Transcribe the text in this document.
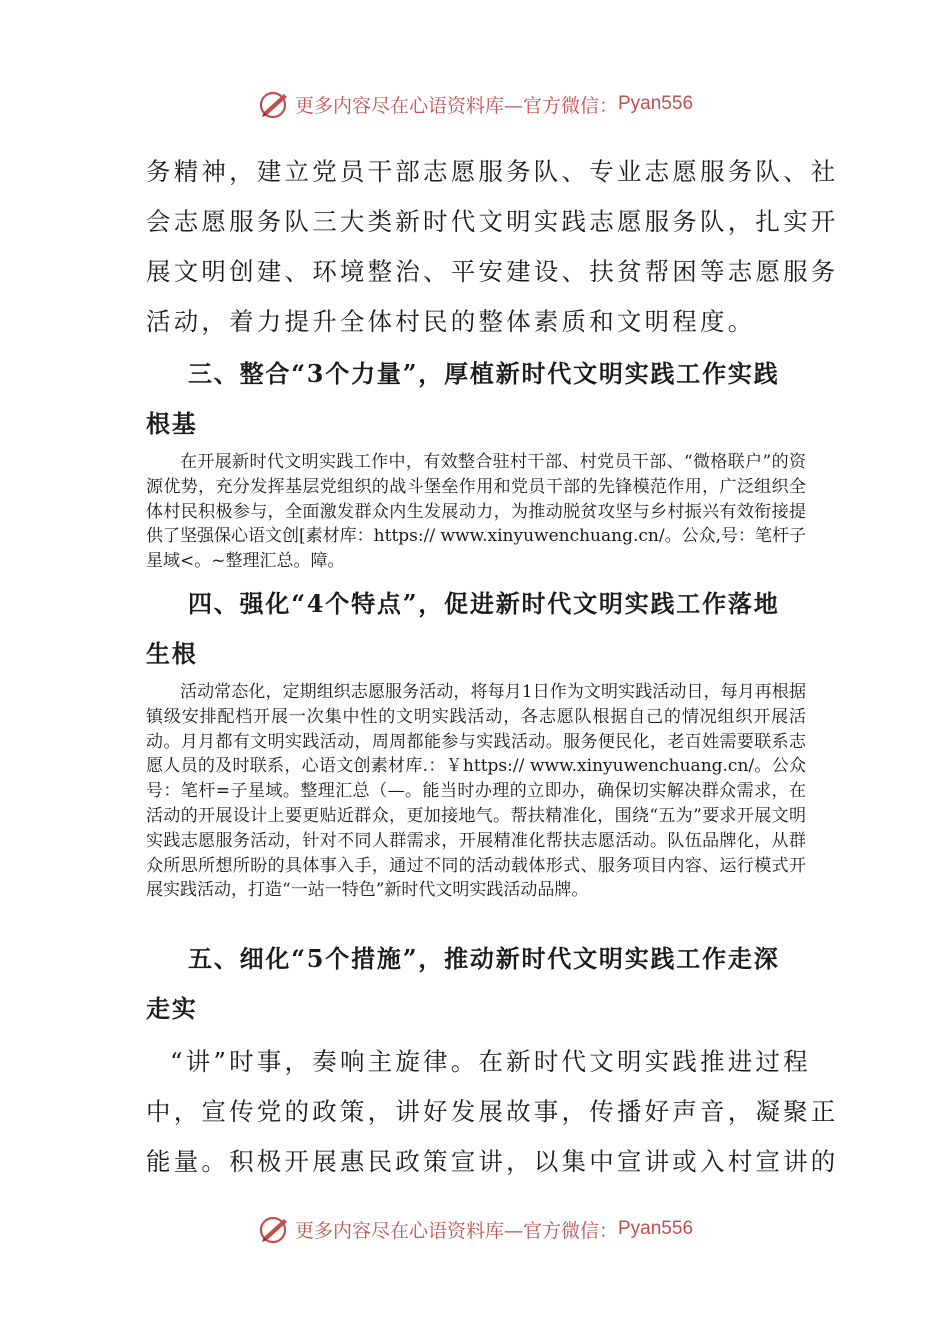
更多内容尽在心语资料库—官方微信： Pyan556
务精神，建立党员干部志愿服务队、专业志愿服务队、社
会志愿服务队三大类新时代文明实践志愿服务队，扎实开
展文明创建、环境整治、平安建设、扶贫帮困等志愿服务
活动，着力提升全体村民的整体素质和文明程度。
三、整合“3个力量”，厚植新时代文明实践工作实践
根基

在开展新时代文明实践工作中，有效整合驻村干部、村党员干部、“微格联户”的资源优势，充分发挥基层党组织的战斗堡垒作用和党员干部的先锋模范作用，广泛组织全体村民积极参与，全面激发群众内生发展动力，为推动脱贫攻坚与乡村振兴有效衔接提供了坚强保心语文创[素材库：https:// www.xinyuwenchuang.cn/。公众,号：笔杆子星域<。~整理汇总。障。

四、强化“4个特点”，促进新时代文明实践工作落地
生根

活动常态化，定期组织志愿服务活动，将每月1日作为文明实践活动日，每月再根据镇级安排配档开展一次集中性的文明实践活动，各志愿队根据自己的情况组织开展活动。月月都有文明实践活动，周周都能参与实践活动。服务便民化，老百姓需要联系志愿人员的及时联系，心语文创素材库.：￥https:// www.xinyuwenchuang.cn/。公众号：笔杆=子星域。整理汇总（—。能当时办理的立即办，确保切实解决群众需求，在活动的开展设计上要更贴近群众，更加接地气。帮扶精准化，围绕“五为”要求开展文明实践志愿服务活动，针对不同人群需求，开展精准化帮扶志愿活动。队伍品牌化，从群众所思所想所盼的具体事入手，通过不同的活动载体形式、服务项目内容、运行模式开展实践活动，打造“一站一特色”新时代文明实践活动品牌。

五、细化“5个措施”，推动新时代文明实践工作走深
走实
“讲”时事，奏响主旋律。在新时代文明实践推进过程
中，宣传党的政策，讲好发展故事，传播好声音，凝聚正
能量。积极开展惠民政策宣讲，以集中宣讲或入村宣讲的
更多内容尽在心语资料库—官方微信： Pyan556
